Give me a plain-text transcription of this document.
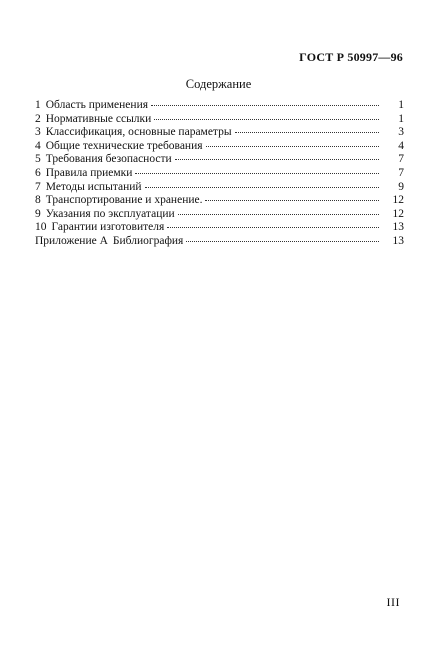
ГОСТ Р 50997—96
Содержание
1 Область применения	1
2 Нормативные ссылки	1
3 Классификация, основные параметры	3
4 Общие технические требования	4
5 Требования безопасности	7
6 Правила приемки	7
7 Методы испытаний	9
8 Транспортирование и хранение.	12
9 Указания по эксплуатации	12
10 Гарантии изготовителя	13
Приложение А Библиография	13
III
